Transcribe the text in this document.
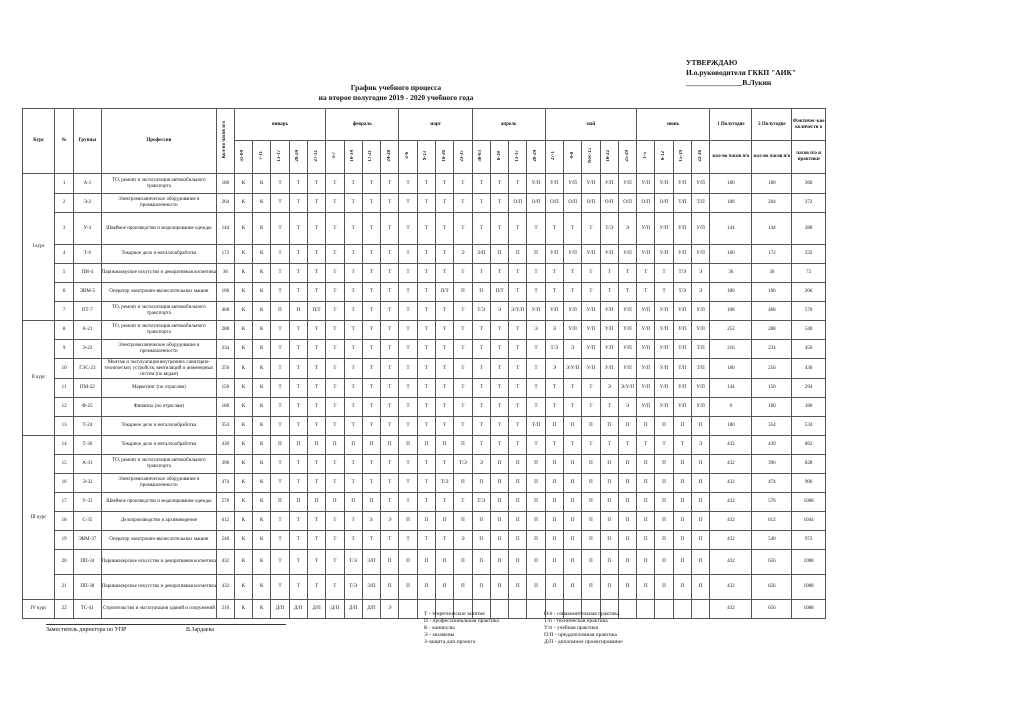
УТВЕРЖДАЮ
И.о.руководителя ГККП "АИК"
_______________В.Лукин
График учебного процесса
на второе полугодие 2019 - 2020 учебного года
Курс	№	Группы	Профессия	Кол-во часов п/о	январь					февраль				март				апрель				май					июнь				1 Полугодие	2 Полугодие	Фактичес-кое количеств о
					31-04	7-11	13-17	20-24	27-31	3-7	10-14	17-21	24-28	2-6	9-13	16-20	23-27	30-03	6-10	13-17	20-24	27-1	4-8	Nov-15	18-22	25-29	1-5	8-12	15-19	22-26	кол-во часов п/о	кол-во часов п/о	часов п/о и практики
I курс	1	А-1	ТО, ремонт и эксплуатация автомобильного транспорта	180	К	К	Т	Т	Т	Т	Т	Т	Т	Т	Т	Т	Т	Т	Т	Т	У/П	У/П	У/П	У/П	У/П	У/П	У/П	У/П	У/П	У/П	180	180	360
	2	Э-2	Электромеханическое оборудование в промышленности	264	К	К	Т	Т	Т	Т	Т	Т	Т	Т	Т	Т	Т	Т	Т	О/П	О/П	О/П	О/П	О/П	О/П	О/П	О/П	О/П	Т/П	Т/П	108	264	372
	3	У-3	Швейное производство и моделирование одежды	144	К	К	Т	Т	Т	Т	Т	Т	Т	Т	Т	Т	Т	Т	Т	Т	Т	Т	Т	Т	Т/Э	Э	У/П	У/П	У/П	У/П	144	144	288
	4	Т-6	Токарное дело и металлообработка	172	К	К	Т	Т	Т	Т	Т	Т	Т	Т	Т	Т	Э	Э/П	П	П	П	У/П	У/П	У/П	У/П	У/П	У/П	У/П	У/П	У/П	160	172	332
	5	ПИ-4	Парикмахерское искусство и декоративная косметика	36	К	К	Т	Т	Т	Т	Т	Т	Т	Т	Т	Т	Т	Т	Т	Т	Т	Т	Т	Т	Т	Т	Т	Т	Т/Э	Э	36	36	72
	6	ЭВМ-5	Оператор электронно-вычислительных машин	106	К	К	Т	Т	Т	Т	Т	Т	Т	Т	Т	П/Т	П	П	П/Т	Т	Т	Т	Т	Т	Т	Т	Т	Т	Т/Э	Э	100	106	206
	7	ПТ-7	ТО, ремонт и эксплуатация автомобильного транспорта	468	К	К	П	П	П/Т	Т	Т	Т	Т	Т	Т	Т	Т	Т/Э	Э	Э/У/П	У/П	У/П	У/П	У/П	У/П	У/П	У/П	У/П	У/П	У/П	108	468	576
II курс	8	А-21	ТО, ремонт и эксплуатация автомобильного транспорта	288	К	К	Т	Т	Т	Т	Т	Т	Т	Т	Т	Т	Т	Т	Т	Т	Э	Э	У/П	У/П	У/П	У/П	У/П	У/П	У/П	У/П	252	288	540
	9	Э-22	Электромеханическое оборудование в промышленности	234	К	К	Т	Т	Т	Т	Т	Т	Т	Т	Т	Т	Т	Т	Т	Т	Т	Т/Э	Э	У/П	У/П	У/П	У/П	У/П	Т/П	Т/П	216	234	450
	10	ГЭС-23	Монтаж и эксплуатация внутренних санитарно-технических устройств, вентиляций и инженерных систем (по видам)	256	К	К	Т	Т	Т	Т	Т	Т	Т	Т	Т	Т	Т	Т	Т	Т	Т	Э	Э/У/П	У/П	У/П	У/П	У/П	У/П	Т/П	Т/П	180	256	436
	11	ПМ-22	Маркетинг (по отраслям)	150	К	К	Т	Т	Т	Т	Т	Т	Т	Т	Т	Т	Т	Т	Т	Т	Т	Т	Т	Т	Э	Э/У/П	У/П	У/П	У/П	У/П	144	150	294
	12	Ф-25	Финансы (по отраслям)	180	К	К	Т	Т	Т	Т	Т	Т	Т	Т	Т	Т	Т	Т	Т	Т	Т	Т	Т	Т	Т	Э	У/П	У/П	У/П	У/П	0	180	180
	13	Т-24	Токарное дело и металлообработка	354	К	К	Т	Т	Т	Т	Т	Т	Т	Т	Т	Т	Т	Т	Т	Т	Т/П	П	П	П	П	П	П	П	П	П	180	354	534
III курс	14	Т-36	Токарное дело и металлообработка	430	К	К	П	П	П	П	П	П	П	П	П	П	П	Т	Т	Т	Т	Т	Т	Т	Т	Т	Т	Т	Т	Э	432	430	862
	15	А-31	ТО, ремонт и эксплуатация автомобильного транспорта	396	К	К	Т	Т	Т	Т	Т	Т	Т	Т	Т	Т	Т/Э	Э	П	П	П	П	П	П	П	П	П	П	П	П	432	396	828
	16	Э-32	Электромеханическое оборудование в промышленности	474	К	К	Т	Т	Т	Т	Т	Т	Т	Т	Т	Т/Э	П	П	П	П	П	П	П	П	П	П	П	П	П	П	432	474	906
	17	У-33	Швейное производство и моделирование одежды	576	К	К	П	П	П	П	П	П	Т	Т	Т	Т	Т	Т/Э	П	П	П	П	П	П	П	П	П	П	П	П	432	576	1008
	18	С-35	Делопроизводство и архивоведение	612	К	К	Т	Т	Т	Т	Т	Э.	Э	П	П	П	П	П	П	П	П	П	П	П	П	П	П	П	П	П	432	612	1044
	19	ЭВМ-37	Оператор электронно-вычислительных машин	540	К	К	Т	Т	Т	Т	Т	Т	Т	Т	Т	Т	Э	П	П	П	П	П	П	П	П	П	П	П	П	П	432	540	972
	20	ПП-34	Парикмахерское искусство и декоративная косметика	432	К	К	Т	Т	Т	Т	Т/Э	Э/П	П	П	П	П	П	П	П	П	П	П	П	П	П	П	П	П	П	П	432	656	1088
	21	ПП-38	Парикмахерское искусство и декоративная косметика	432	К	К	Т	Т	Т	Т	Т/Э	Э/П	П	П	П	П	П	П	П	П	П	П	П	П	П	П	П	П	П	П	432	656	1088
IV курс	22	ТС-41	Строительство и эксплуатация зданий и сооружений	216	К	К	Д/П	Д/П	Д/П	Д/П	Д/П	Д/П	Э																		432	656	1088
Т - теоретическое занятие
П - профессиональная практика
К - каникулы
Э - экзамены
З-защита дип.проекта
О/п - ознакомительная практика
Т/п - техническая практика
У/п - учебная практика
П/П - преддипломная практика
Д/П - дипломное проектирование
Заместитель директора по УПР	В.Зардаева
